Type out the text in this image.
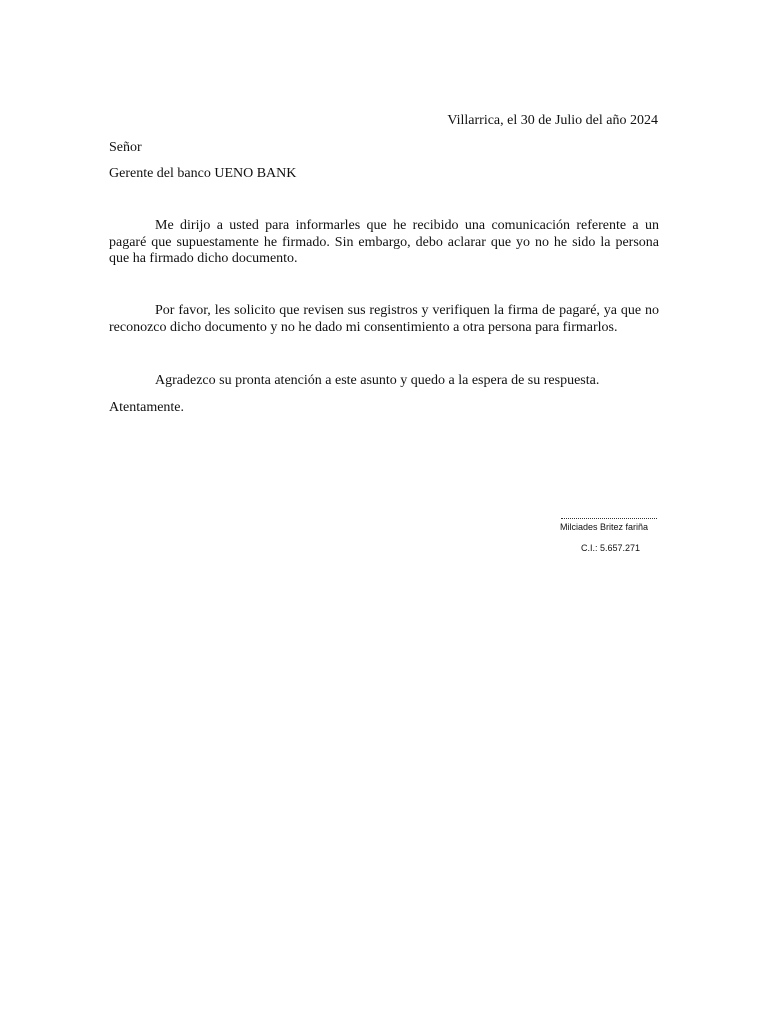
Villarrica, el 30 de Julio del año 2024
Señor
Gerente del banco UENO BANK

Me dirijo a usted para informarles que he recibido una comunicación referente a un pagaré que supuestamente he firmado. Sin embargo, debo aclarar que yo no he sido la persona que ha firmado dicho documento.

Por favor, les solicito que revisen sus registros y verifiquen la firma de pagaré, ya que no reconozco dicho documento y no he dado mi consentimiento a otra persona para firmarlos.

Agradezco su pronta atención a este asunto y quedo a la espera de su respuesta.

Atentamente.
Milciades Britez fariña
C.I.: 5.657.271
